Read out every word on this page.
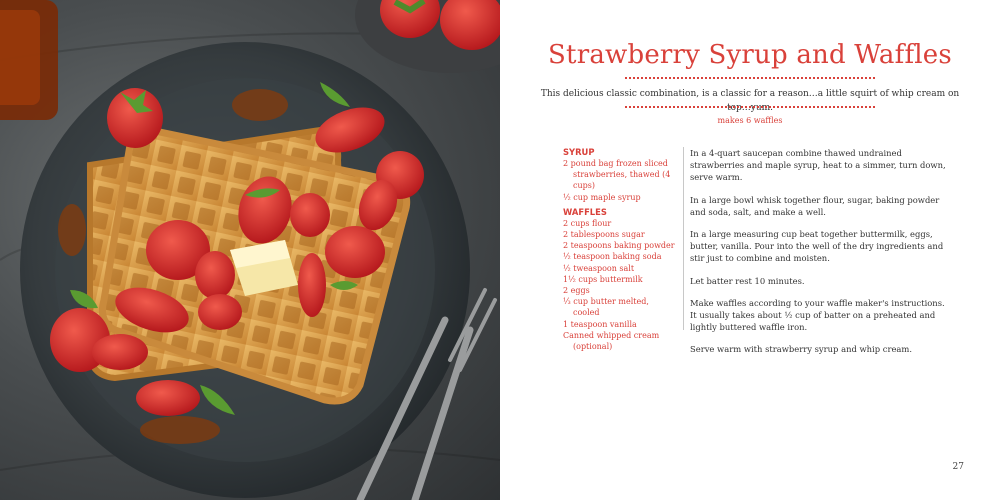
Strawberry Syrup and Waffles
This delicious classic combination, is a classic for a reason…a little squirt of whip cream on top…yum.
makes 6 waffles
SYRUP
2 pound bag frozen sliced strawberries, thawed (4 cups)
½ cup maple syrup
WAFFLES
2 cups flour
2 tablespoons sugar
2 teaspoons baking powder
½ teaspoon baking soda
½ tweaspoon salt
1½ cups buttermilk
2 eggs
⅓ cup butter melted, cooled
1 teaspoon vanilla
Canned whipped cream (optional)

In a 4-quart saucepan combine thawed undrained strawberries and maple syrup, heat to a simmer, turn down, serve warm.

In a large bowl whisk together flour, sugar, baking powder and soda, salt, and make a well.

In a large measuring cup beat together buttermilk, eggs, butter, vanilla. Pour into the well of the dry ingredients and stir just to combine and moisten.

Let batter rest 10 minutes.

Make waffles according to your waffle maker's instructions. It usually takes about ½ cup of batter on a preheated and lightly buttered waffle iron.

Serve warm with strawberry syrup and whip cream.

27
